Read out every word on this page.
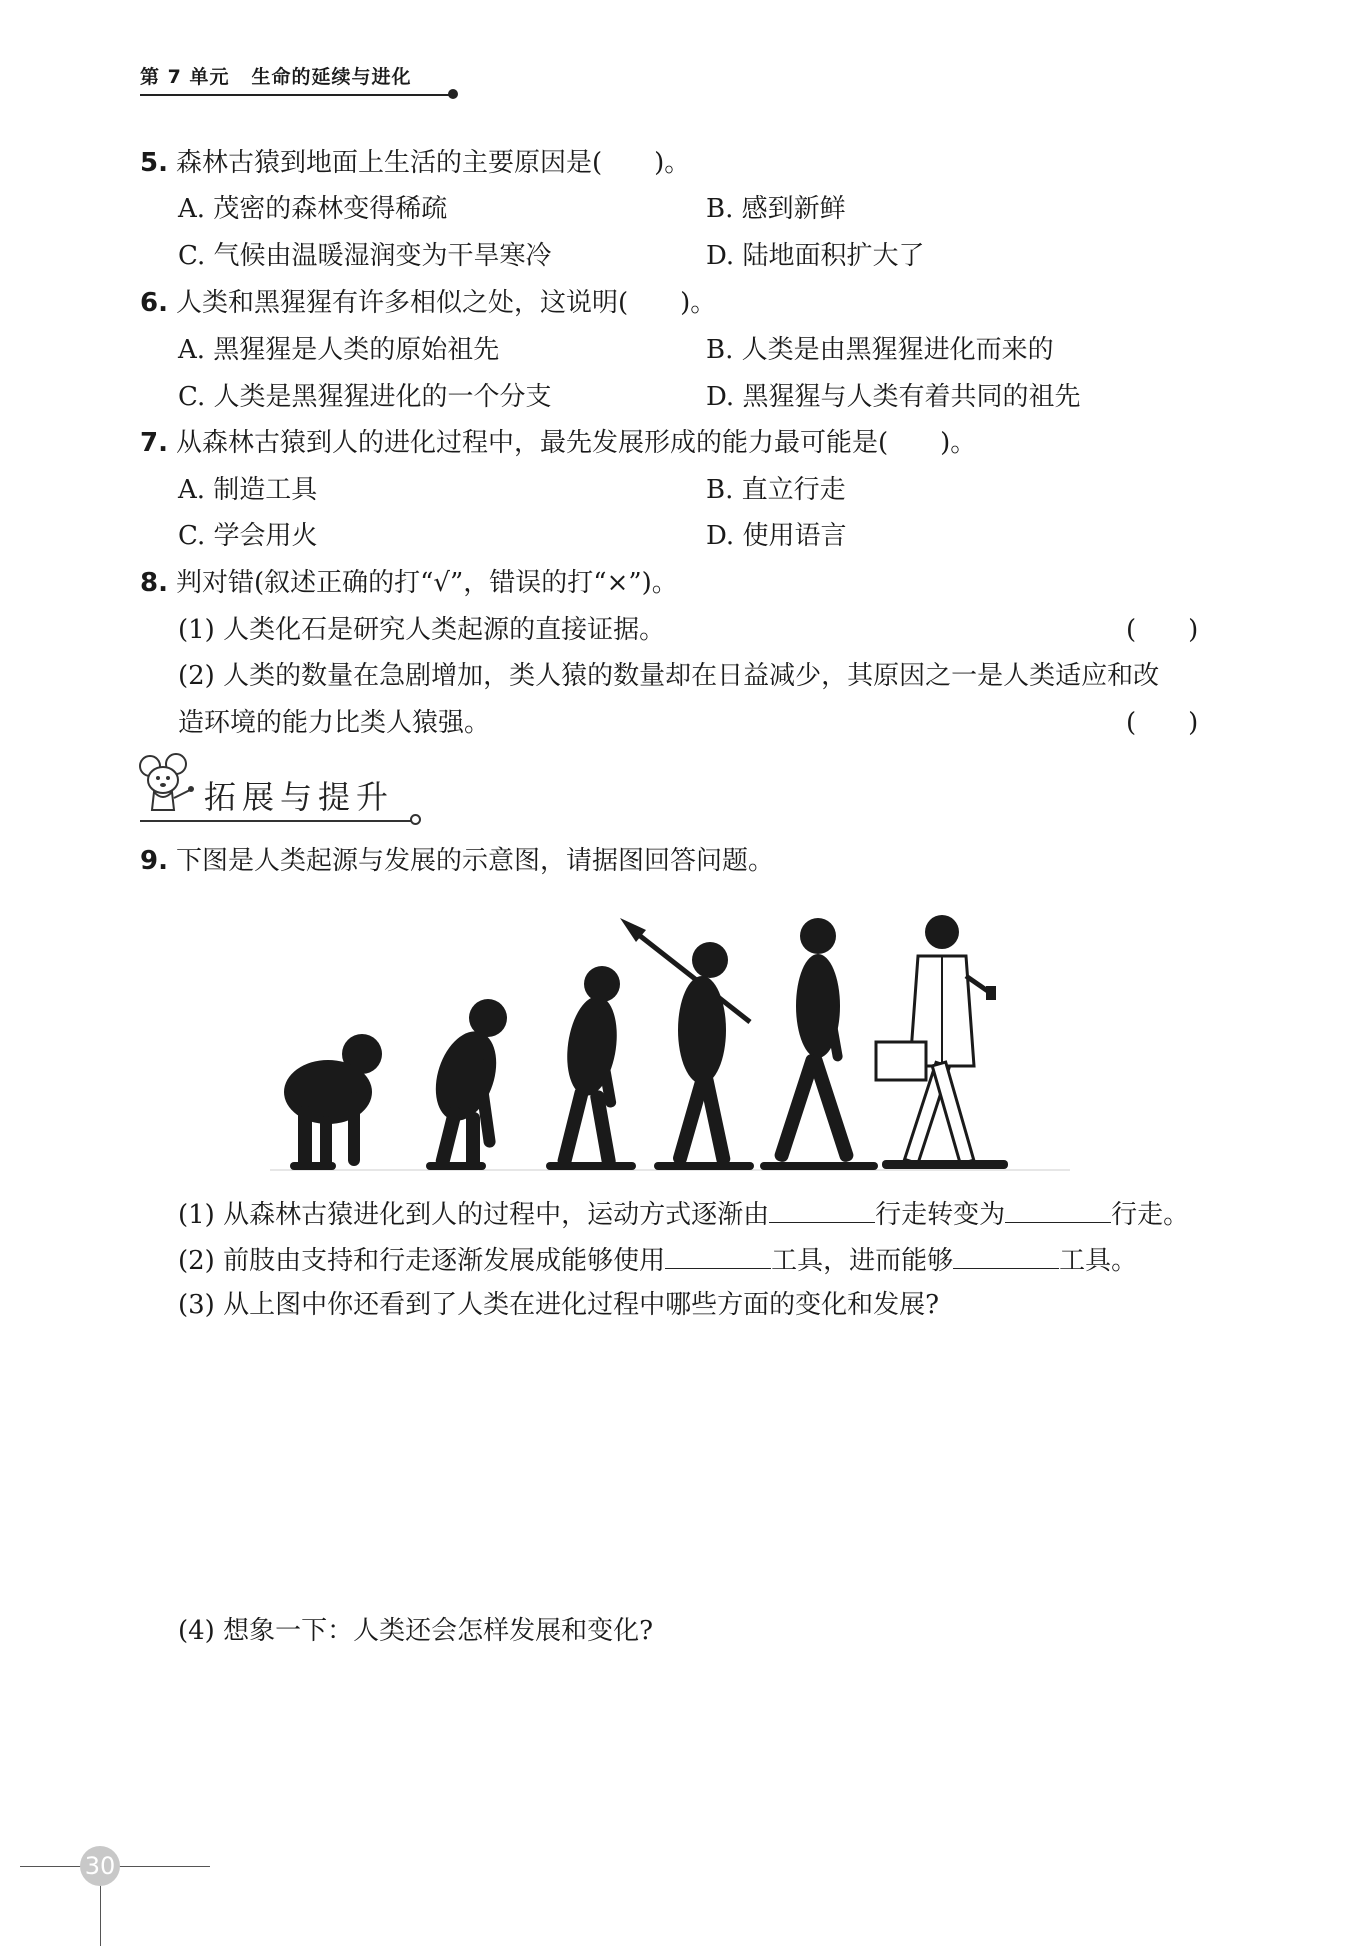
第 7 单元 生命的延续与进化
5. 森林古猿到地面上生活的主要原因是(　　)。
A. 茂密的森林变得稀疏	B. 感到新鲜
C. 气候由温暖湿润变为干旱寒冷	D. 陆地面积扩大了
6. 人类和黑猩猩有许多相似之处，这说明(　　)。
A. 黑猩猩是人类的原始祖先	B. 人类是由黑猩猩进化而来的
C. 人类是黑猩猩进化的一个分支	D. 黑猩猩与人类有着共同的祖先
7. 从森林古猿到人的进化过程中，最先发展形成的能力最可能是(　　)。
A. 制造工具	B. 直立行走
C. 学会用火	D. 使用语言
8. 判对错(叙述正确的打“√”，错误的打“×”)。
(1) 人类化石是研究人类起源的直接证据。	(　　)
(2) 人类的数量在急剧增加，类人猿的数量却在日益减少，其原因之一是人类适应和改
造环境的能力比类人猿强。	(　　)
拓展与提升
9. 下图是人类起源与发展的示意图，请据图回答问题。
(1) 从森林古猿进化到人的过程中，运动方式逐渐由	行走转变为	行走。
(2) 前肢由支持和行走逐渐发展成能够使用	工具，进而能够	工具。
(3) 从上图中你还看到了人类在进化过程中哪些方面的变化和发展?
(4) 想象一下：人类还会怎样发展和变化?
30
